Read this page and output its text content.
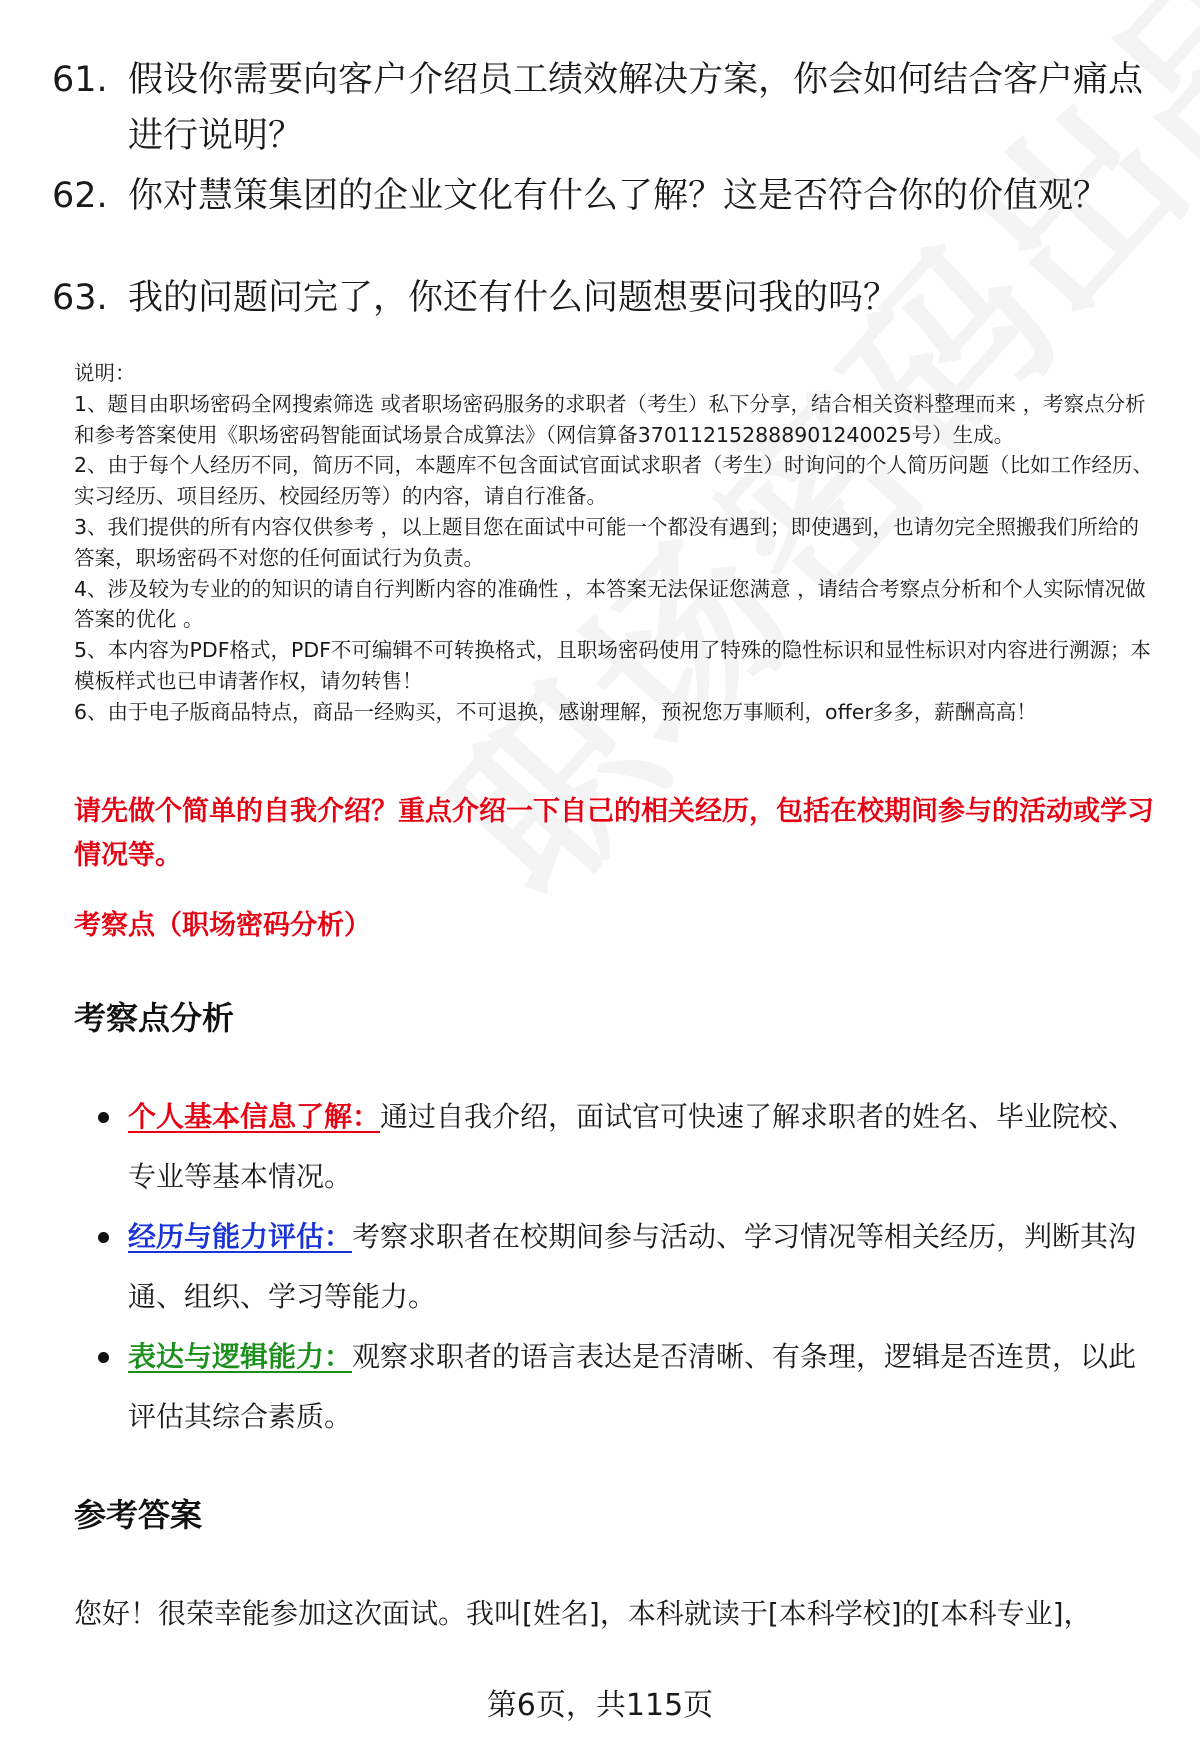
61. 假设你需要向客户介绍员工绩效解决方案，你会如何结合客户痛点进行说明？
62. 你对慧策集团的企业文化有什么了解？这是否符合你的价值观？
63. 我的问题问完了，你还有什么问题想要问我的吗？
说明：
1、题目由职场密码全网搜索筛选 或者职场密码服务的求职者（考生）私下分享，结合相关资料整理而来 ，考察点分析和参考答案使用《职场密码智能面试场景合成算法》（网信算备370112152888901240025号）生成。
2、由于每个人经历不同，简历不同，本题库不包含面试官面试求职者（考生）时询问的个人简历问题（比如工作经历、实习经历、项目经历、校园经历等）的内容，请自行准备。
3、我们提供的所有内容仅供参考 ，以上题目您在面试中可能一个都没有遇到；即使遇到，也请勿完全照搬我们所给的答案，职场密码不对您的任何面试行为负责。
4、涉及较为专业的的知识的请自行判断内容的准确性 ，本答案无法保证您满意 ，请结合考察点分析和个人实际情况做答案的优化 。
5、本内容为PDF格式，PDF不可编辑不可转换格式，且职场密码使用了特殊的隐性标识和显性标识对内容进行溯源；本模板样式也已申请著作权，请勿转售！
6、由于电子版商品特点，商品一经购买，不可退换，感谢理解，预祝您万事顺利，offer多多，薪酬高高！
请先做个简单的自我介绍？重点介绍一下自己的相关经历，包括在校期间参与的活动或学习情况等。
考察点（职场密码分析）
考察点分析
个人基本信息了解：通过自我介绍，面试官可快速了解求职者的姓名、毕业院校、专业等基本情况。
经历与能力评估：考察求职者在校期间参与活动、学习情况等相关经历，判断其沟通、组织、学习等能力。
表达与逻辑能力：观察求职者的语言表达是否清晰、有条理，逻辑是否连贯，以此评估其综合素质。
参考答案
您好！很荣幸能参加这次面试。我叫[姓名]，本科就读于[本科学校]的[本科专业]，
第6页，共115页
